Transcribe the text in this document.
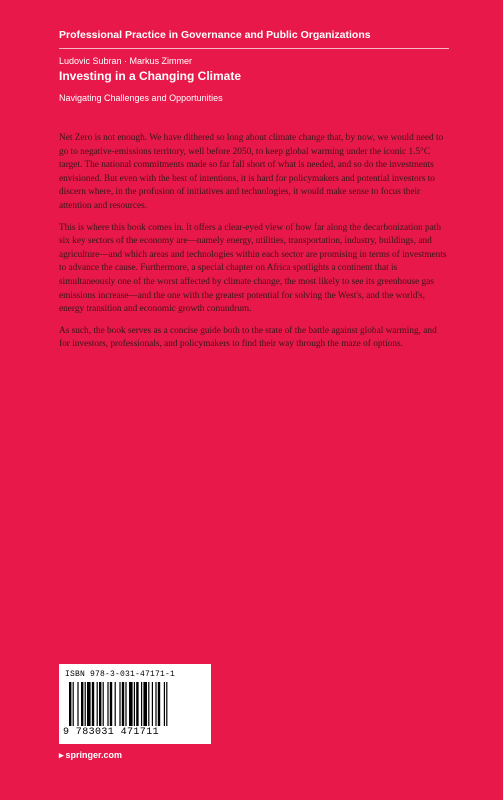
Professional Practice in Governance and Public Organizations
Ludovic Subran · Markus Zimmer
Investing in a Changing Climate
Navigating Challenges and Opportunities

Net Zero is not enough. We have dithered so long about climate change that, by now, we would need to go to negative-emissions territory, well before 2050, to keep global warming under the iconic 1.5°C target. The national commitments made so far fall short of what is needed, and so do the investments envisioned. But even with the best of intentions, it is hard for policymakers and potential investors to discern where, in the profusion of initiatives and technologies, it would make sense to focus their attention and resources.

This is where this book comes in. It offers a clear-eyed view of how far along the decarbonization path six key sectors of the economy are—namely energy, utilities, transportation, industry, buildings, and agriculture—and which areas and technologies within each sector are promising in terms of investments to advance the cause. Furthermore, a special chapter on Africa spotlights a continent that is simultaneously one of the worst affected by climate change, the most likely to see its greenhouse gas emissions increase—and the one with the greatest potential for solving the West's, and the world's, energy transition and economic growth conundrum.

As such, the book serves as a concise guide both to the state of the battle against global warming, and for investors, professionals, and policymakers to find their way through the maze of options.

ISBN 978-3-031-47171-1
9 783031 471711
▸ springer.com
